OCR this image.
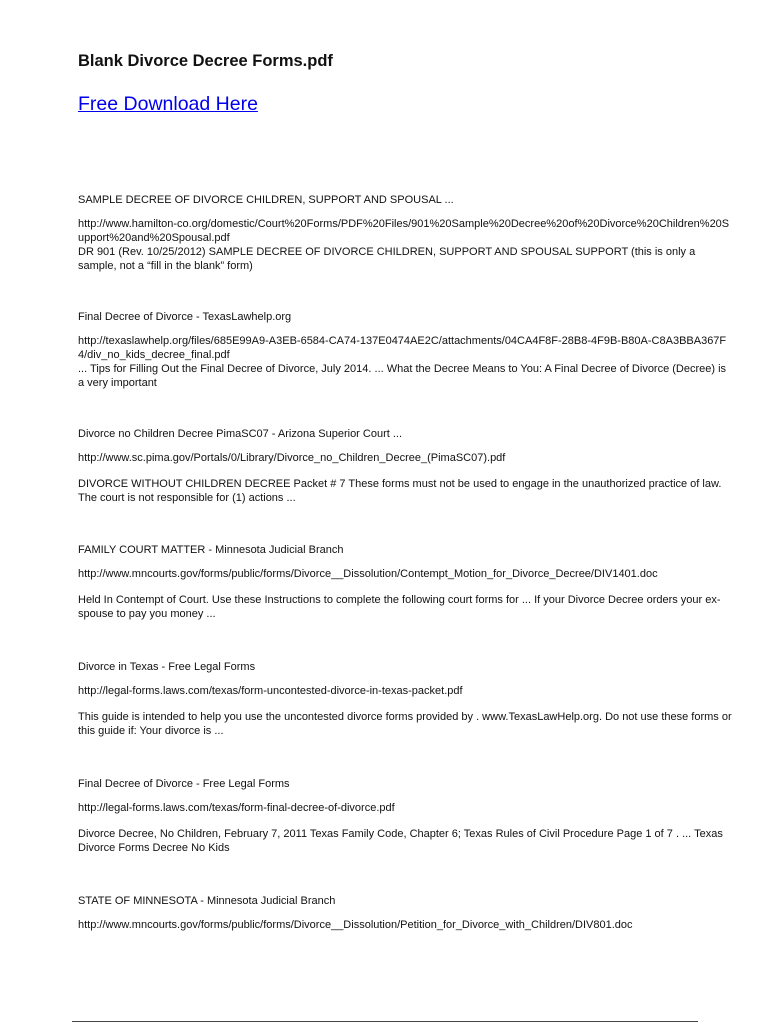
Blank Divorce Decree Forms.pdf
Free Download Here

SAMPLE DECREE OF DIVORCE CHILDREN, SUPPORT AND SPOUSAL ...

http://www.hamilton-co.org/domestic/Court%20Forms/PDF%20Files/901%20Sample%20Decree%20of%20Divorce%20Children%20Support%20and%20Spousal.pdf

DR 901 (Rev. 10/25/2012) SAMPLE DECREE OF DIVORCE CHILDREN, SUPPORT AND SPOUSAL SUPPORT (this is only a sample, not a “fill in the blank” form)

Final Decree of Divorce - TexasLawhelp.org

http://texaslawhelp.org/files/685E99A9-A3EB-6584-CA74-137E0474AE2C/attachments/04CA4F8F-28B8-4F9B-B80A-C8A3BBA367F4/div_no_kids_decree_final.pdf

... Tips for Filling Out the Final Decree of Divorce, July 2014. ... What the Decree Means to You: A Final Decree of Divorce (Decree) is a very important

Divorce no Children Decree PimaSC07 - Arizona Superior Court ...

http://www.sc.pima.gov/Portals/0/Library/Divorce_no_Children_Decree_(PimaSC07).pdf

DIVORCE WITHOUT CHILDREN DECREE Packet # 7 These forms must not be used to engage in the unauthorized practice of law. The court is not responsible for (1) actions ...

FAMILY COURT MATTER - Minnesota Judicial Branch

http://www.mncourts.gov/forms/public/forms/Divorce__Dissolution/Contempt_Motion_for_Divorce_Decree/DIV1401.doc

Held In Contempt of Court. Use these Instructions to complete the following court forms for ... If your Divorce Decree orders your ex-spouse to pay you money ...

Divorce in Texas - Free Legal Forms

http://legal-forms.laws.com/texas/form-uncontested-divorce-in-texas-packet.pdf

This guide is intended to help you use the uncontested divorce forms provided by . www.TexasLawHelp.org. Do not use these forms or this guide if: Your divorce is ...

Final Decree of Divorce - Free Legal Forms

http://legal-forms.laws.com/texas/form-final-decree-of-divorce.pdf

Divorce Decree, No Children, February 7, 2011 Texas Family Code, Chapter 6; Texas Rules of Civil Procedure Page 1 of 7 . ... Texas Divorce Forms Decree No Kids

STATE OF MINNESOTA - Minnesota Judicial Branch

http://www.mncourts.gov/forms/public/forms/Divorce__Dissolution/Petition_for_Divorce_with_Children/DIV801.doc
